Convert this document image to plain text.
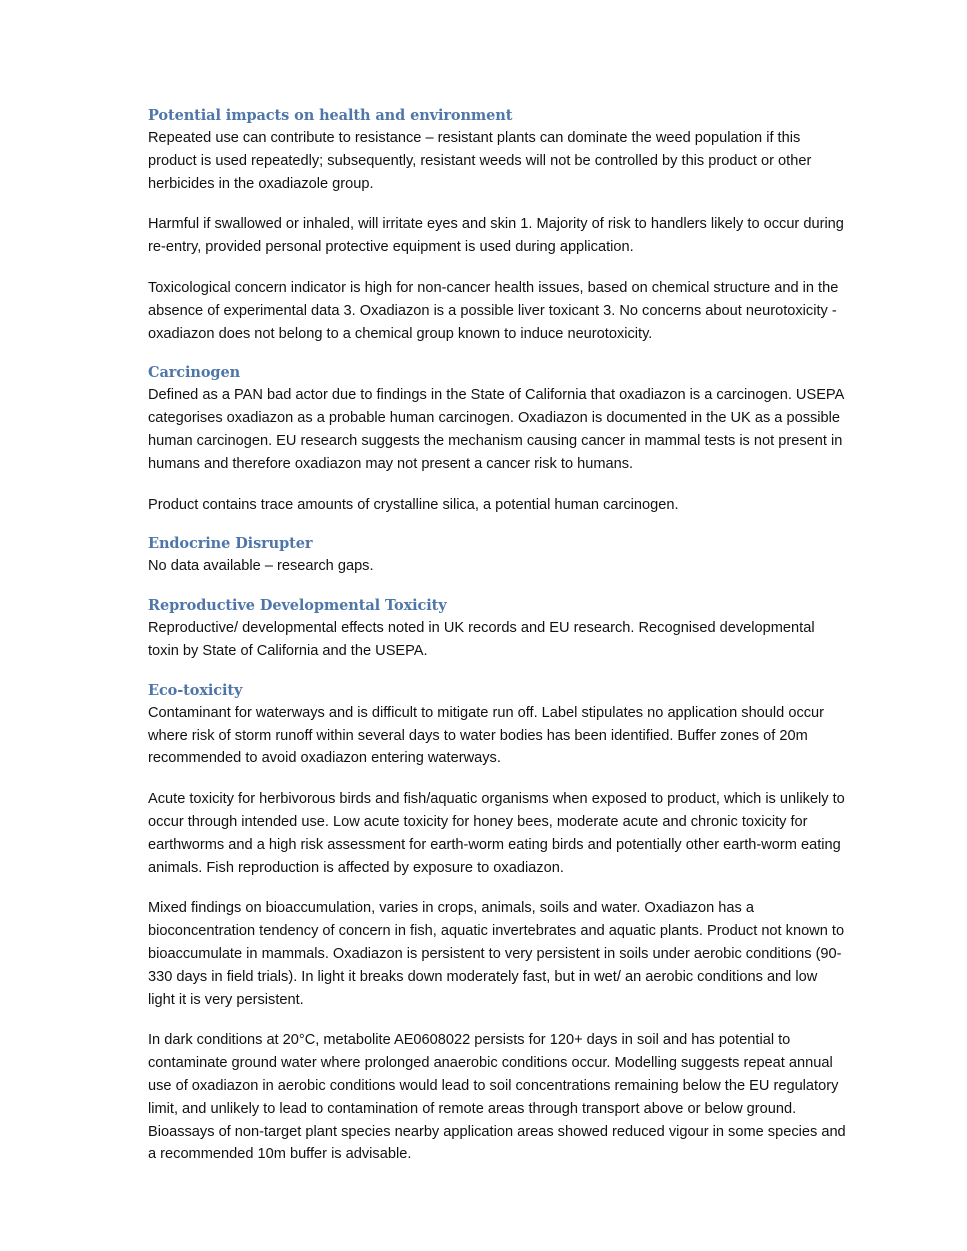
Potential impacts on health and environment

Repeated use can contribute to resistance – resistant plants can dominate the weed population if this product is used repeatedly; subsequently, resistant weeds will not be controlled by this product or other herbicides in the oxadiazole group.

Harmful if swallowed or inhaled, will irritate eyes and skin 1. Majority of risk to handlers likely to occur during re-entry, provided personal protective equipment is used during application.

Toxicological concern indicator is high for non-cancer health issues, based on chemical structure and in the absence of experimental data 3. Oxadiazon is a possible liver toxicant 3. No concerns about neurotoxicity - oxadiazon does not belong to a chemical group known to induce neurotoxicity.

Carcinogen

Defined as a PAN bad actor due to findings in the State of California that oxadiazon is a carcinogen. USEPA categorises oxadiazon as a probable human carcinogen. Oxadiazon is documented in the UK as a possible human carcinogen. EU research suggests the mechanism causing cancer in mammal tests is not present in humans and therefore oxadiazon may not present a cancer risk to humans.

Product contains trace amounts of crystalline silica, a potential human carcinogen.

Endocrine Disrupter

No data available – research gaps.

Reproductive Developmental Toxicity

Reproductive/ developmental effects noted in UK records and EU research. Recognised developmental toxin by State of California and the USEPA.

Eco-toxicity

Contaminant for waterways and is difficult to mitigate run off. Label stipulates no application should occur where risk of storm runoff within several days to water bodies has been identified. Buffer zones of 20m recommended to avoid oxadiazon entering waterways.

Acute toxicity for herbivorous birds and fish/aquatic organisms when exposed to product, which is unlikely to occur through intended use. Low acute toxicity for honey bees, moderate acute and chronic toxicity for earthworms and a high risk assessment for earth-worm eating birds and potentially other earth-worm eating animals. Fish reproduction is affected by exposure to oxadiazon.

Mixed findings on bioaccumulation, varies in crops, animals, soils and water. Oxadiazon has a bioconcentration tendency of concern in fish, aquatic invertebrates and aquatic plants. Product not known to bioaccumulate in mammals. Oxadiazon is persistent to very persistent in soils under aerobic conditions (90-330 days in field trials). In light it breaks down moderately fast, but in wet/ an aerobic conditions and low light it is very persistent.

In dark conditions at 20°C, metabolite AE0608022 persists for 120+ days in soil and has potential to contaminate ground water where prolonged anaerobic conditions occur. Modelling suggests repeat annual use of oxadiazon in aerobic conditions would lead to soil concentrations remaining below the EU regulatory limit, and unlikely to lead to contamination of remote areas through transport above or below ground. Bioassays of non-target plant species nearby application areas showed reduced vigour in some species and a recommended 10m buffer is advisable.
